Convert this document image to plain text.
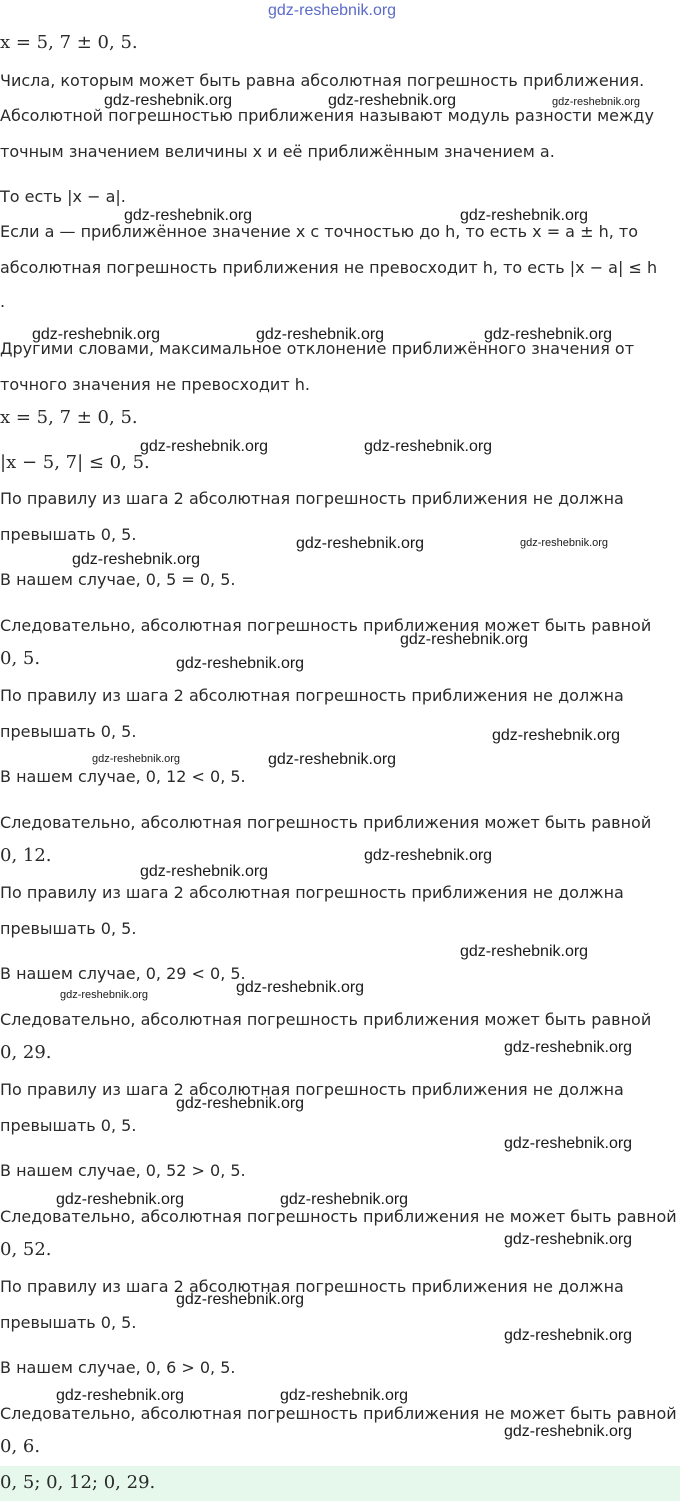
gdz-reshebnik.org
x = 5, 7 ± 0, 5.
Числа, которым может быть равна абсолютная погрешность приближения.
Абсолютной погрешностью приближения называют модуль разности между
точным значением величины x и её приближённым значением a.
То есть |x − a|.
Если a — приближённое значение x с точностью до h, то есть x = a ± h, то
абсолютная погрешность приближения не превосходит h, то есть |x − a| ≤ h
.
Другими словами, максимальное отклонение приближённого значения от
точного значения не превосходит h.
x = 5, 7 ± 0, 5.
|x − 5, 7| ≤ 0, 5.
По правилу из шага 2 абсолютная погрешность приближения не должна
превышать 0, 5.
В нашем случае, 0, 5 = 0, 5.
Следовательно, абсолютная погрешность приближения может быть равной
0, 5.
По правилу из шага 2 абсолютная погрешность приближения не должна
превышать 0, 5.
В нашем случае, 0, 12 < 0, 5.
Следовательно, абсолютная погрешность приближения может быть равной
0, 12.
По правилу из шага 2 абсолютная погрешность приближения не должна
превышать 0, 5.
В нашем случае, 0, 29 < 0, 5.
Следовательно, абсолютная погрешность приближения может быть равной
0, 29.
По правилу из шага 2 абсолютная погрешность приближения не должна
превышать 0, 5.
В нашем случае, 0, 52 > 0, 5.
Следовательно, абсолютная погрешность приближения не может быть равной
0, 52.
По правилу из шага 2 абсолютная погрешность приближения не должна
превышать 0, 5.
В нашем случае, 0, 6 > 0, 5.
Следовательно, абсолютная погрешность приближения не может быть равной
0, 6.
0, 5; 0, 12; 0, 29.
gdz-reshebnik.org	gdz-reshebnik.org	gdz-reshebnik.org
gdz-reshebnik.org	gdz-reshebnik.org
gdz-reshebnik.org	gdz-reshebnik.org	gdz-reshebnik.org
gdz-reshebnik.org	gdz-reshebnik.org
gdz-reshebnik.org	gdz-reshebnik.org
gdz-reshebnik.org
gdz-reshebnik.org
gdz-reshebnik.org
gdz-reshebnik.org
gdz-reshebnik.org	gdz-reshebnik.org
gdz-reshebnik.org
gdz-reshebnik.org
gdz-reshebnik.org
gdz-reshebnik.org
gdz-reshebnik.org
gdz-reshebnik.org
gdz-reshebnik.org
gdz-reshebnik.org
gdz-reshebnik.org	gdz-reshebnik.org
gdz-reshebnik.org
gdz-reshebnik.org
gdz-reshebnik.org
gdz-reshebnik.org	gdz-reshebnik.org
gdz-reshebnik.org
